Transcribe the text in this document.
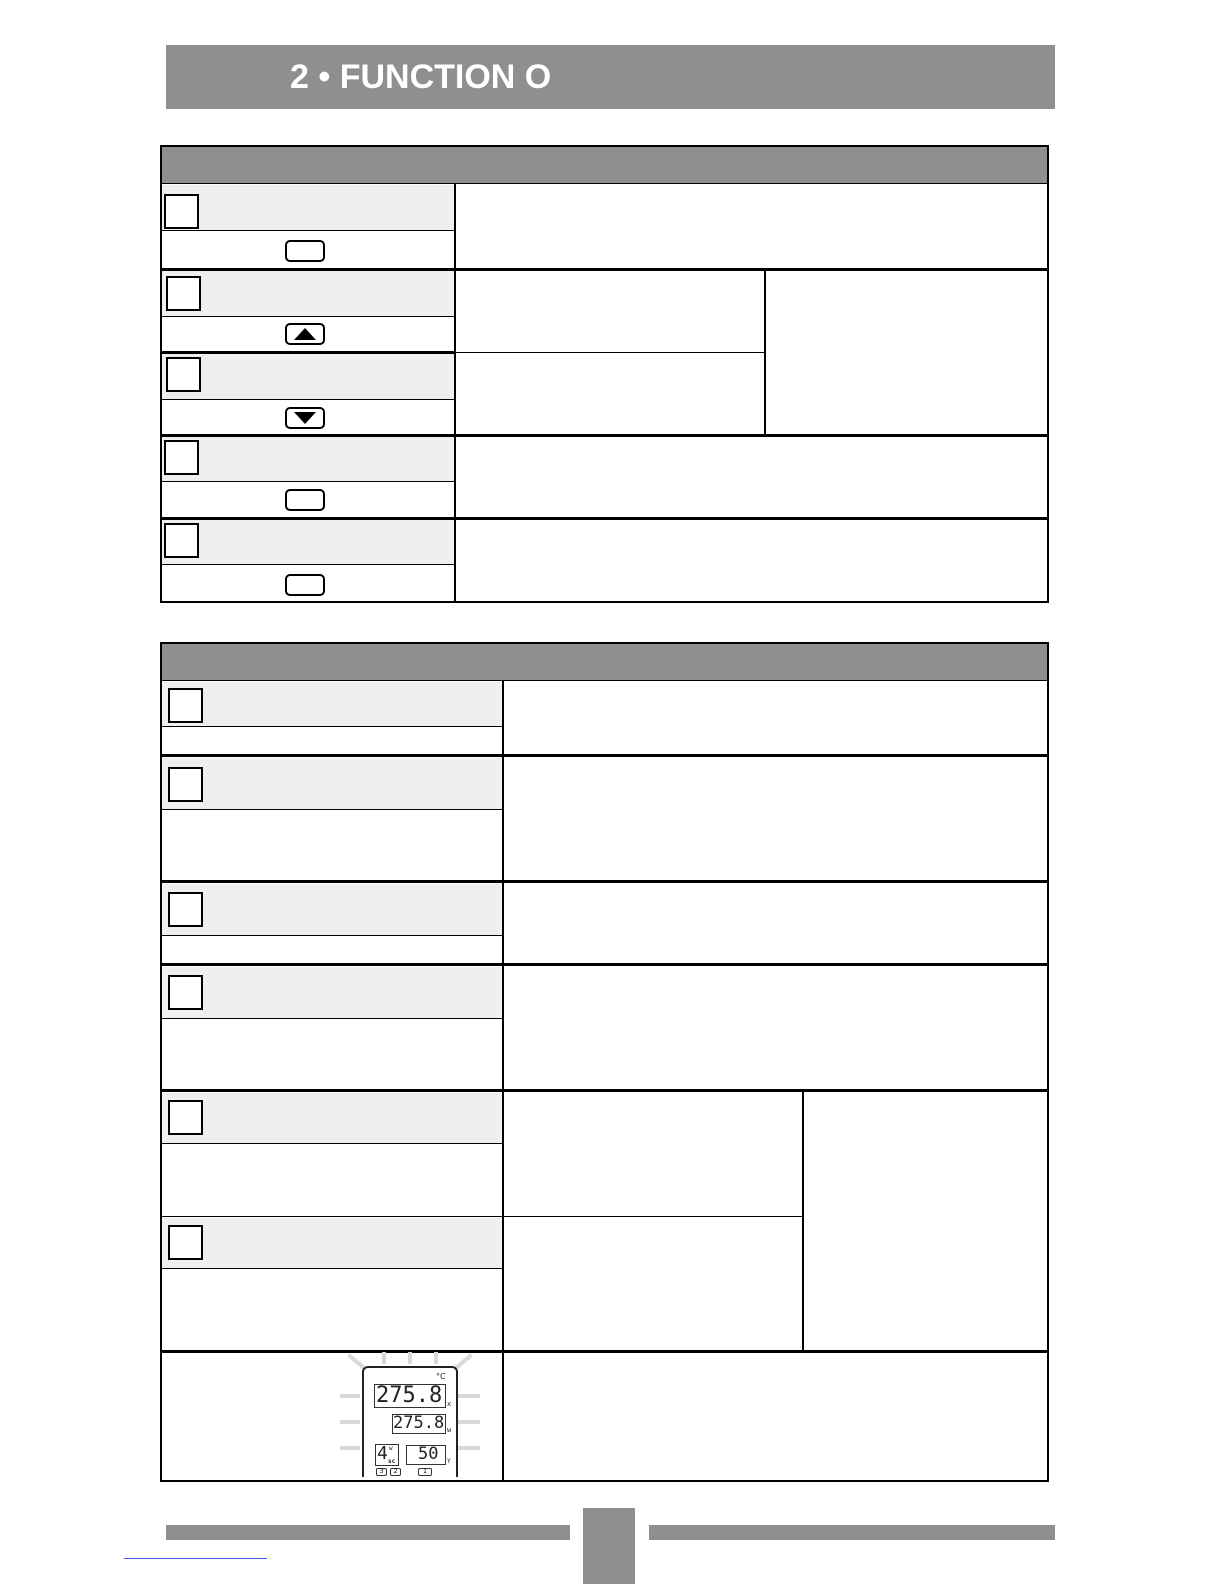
2 • FUNCTION O
°C
275.8 x
275.8 w
4 w
sc 50 Y
3	2	1
